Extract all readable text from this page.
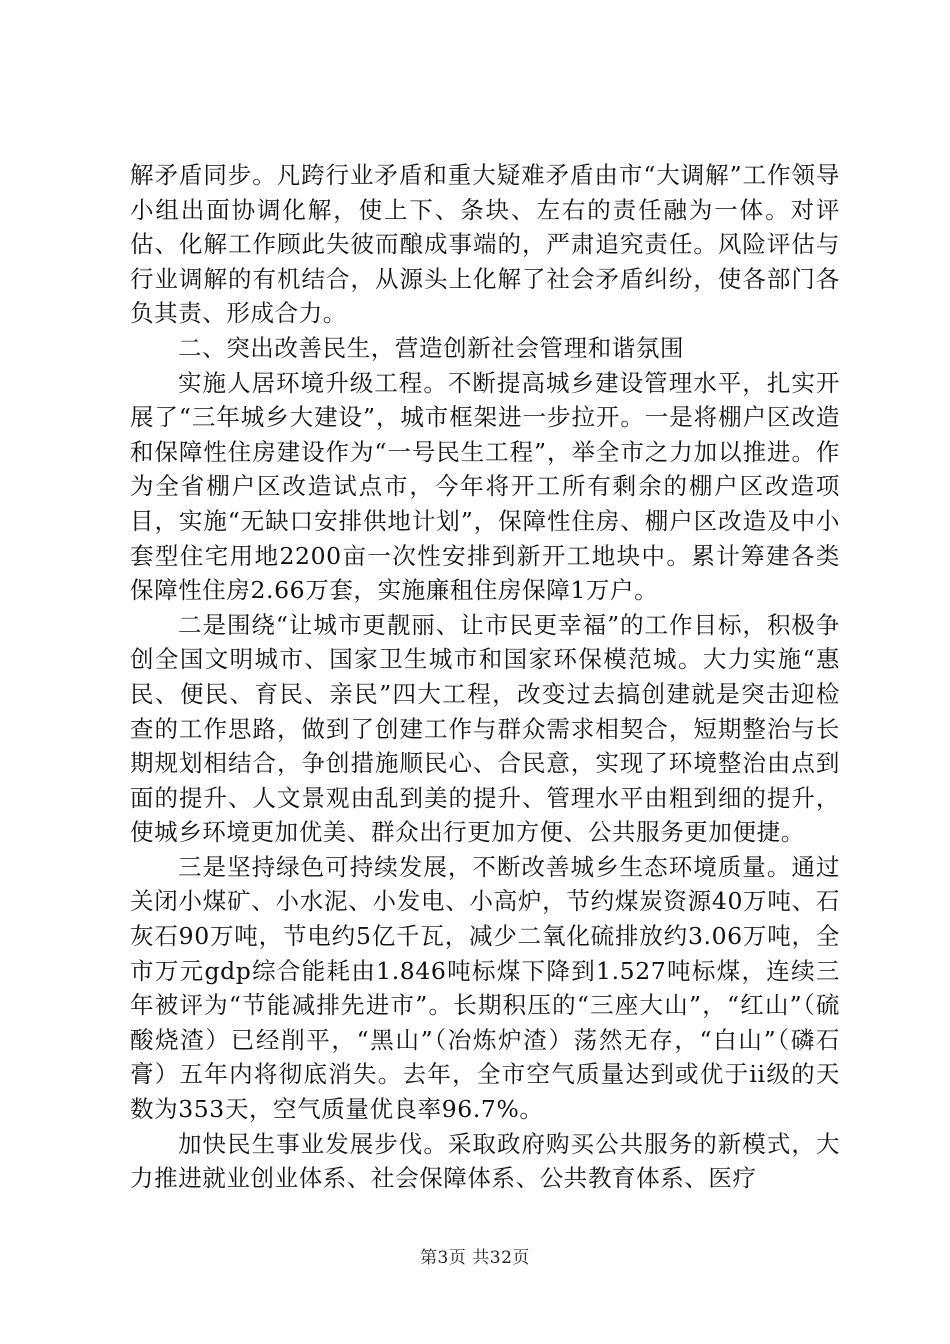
解矛盾同步。凡跨行业矛盾和重大疑难矛盾由市“大调解”工作领导小组出面协调化解，使上下、条块、左右的责任融为一体。对评估、化解工作顾此失彼而酿成事端的，严肃追究责任。风险评估与行业调解的有机结合，从源头上化解了社会矛盾纠纷，使各部门各负其责、形成合力。

二、突出改善民生，营造创新社会管理和谐氛围

实施人居环境升级工程。不断提高城乡建设管理水平，扎实开展了“三年城乡大建设”，城市框架进一步拉开。一是将棚户区改造和保障性住房建设作为“一号民生工程”，举全市之力加以推进。作为全省棚户区改造试点市，今年将开工所有剩余的棚户区改造项目，实施“无缺口安排供地计划”，保障性住房、棚户区改造及中小套型住宅用地2200亩一次性安排到新开工地块中。累计筹建各类保障性住房2.66万套，实施廉租住房保障1万户。

二是围绕“让城市更靓丽、让市民更幸福”的工作目标，积极争创全国文明城市、国家卫生城市和国家环保模范城。大力实施“惠民、便民、育民、亲民”四大工程，改变过去搞创建就是突击迎检查的工作思路，做到了创建工作与群众需求相契合，短期整治与长期规划相结合，争创措施顺民心、合民意，实现了环境整治由点到面的提升、人文景观由乱到美的提升、管理水平由粗到细的提升，使城乡环境更加优美、群众出行更加方便、公共服务更加便捷。

三是坚持绿色可持续发展，不断改善城乡生态环境质量。通过关闭小煤矿、小水泥、小发电、小高炉，节约煤炭资源40万吨、石灰石90万吨，节电约5亿千瓦，减少二氧化硫排放约3.06万吨，全市万元gdp综合能耗由1.846吨标煤下降到1.527吨标煤，连续三年被评为“节能减排先进市”。长期积压的“三座大山”，“红山”（硫酸烧渣）已经削平，“黑山”（冶炼炉渣）荡然无存，“白山”（磷石膏）五年内将彻底消失。去年，全市空气质量达到或优于ii级的天数为353天，空气质量优良率96.7%。

加快民生事业发展步伐。采取政府购买公共服务的新模式，大力推进就业创业体系、社会保障体系、公共教育体系、医疗

第3页 共32页
